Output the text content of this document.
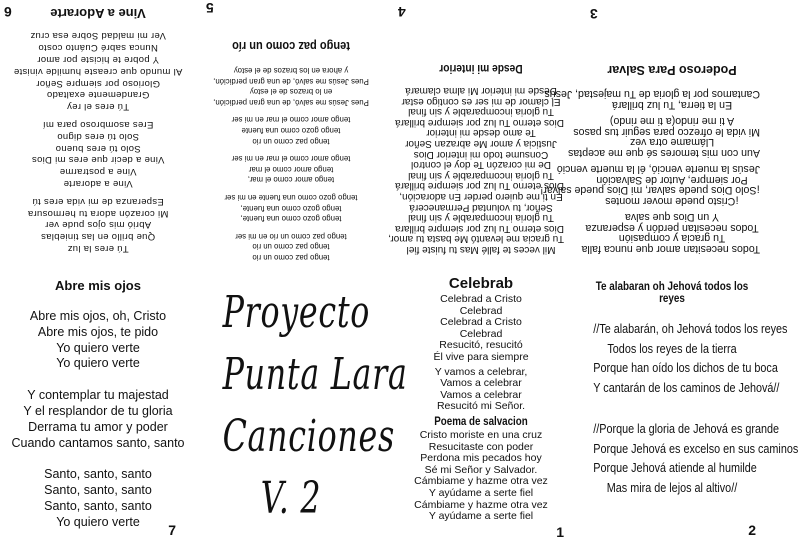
Tú eres la luz
Que brillo en las tinieblas
Abrió mis ojos pude ver
Mi corazón adora tu hermosura
Esperanza de mi vida eres tú
Vine a adorarte
Vine a postrarme
Vine a decir que eres mi Dios
Solo tú eres bueno
Solo tú eres digno
Eres asombroso para mí
Tú eres el rey
Grandemente exaltado
Glorioso por siempre Señor
Al mundo que creaste humilde viniste
Y pobre te hiciste por amor
Nunca sabré Cuánto costo
Ver mi maldad Sobre esa cruz
Vine a Adorarte
6
Abre mis ojos
Abre mis ojos, oh, Cristo
Abre mis ojos, te pido
Yo quiero verte
Yo quiero verte
Y contemplar tu majestad
Y el resplandor de tu gloria
Derrama tu amor y poder
Cuando cantamos santo, santo
Santo, santo, santo
Santo, santo, santo
Santo, santo, santo
Yo quiero verte
7
tengo paz como un rio
tengo paz como un rio
tengo paz como un rio en mi ser
tengo gozo como una fuente,
tengo gozo como una fuente,
tengo gozo como una fuente en mi ser
tengo amor como el mar,
tengo amor como el mar
tengo amor como el mar en mi ser
tengo paz como un rio
tengo gozo como una fuente
tengo amor como el mar en mi ser
Pues Jesús me salvó, de una gran perdición,
en lo brazos de el estoy
Pues Jesús me salvó, de una gran perdición,
y ahora en los brazos de el estoy
tengo paz como un río
5
Proyecto
Punta Lara
Canciones
V. 2
Mil veces te fallé Mas tu fuiste fiel
Tu gracia me levantó Me basta tu amor,
Dios eterno Tu luz por siempre brillara
Tu gloria incomparable y sin final
Señor, tu voluntad Permanecerá
En ti me quiero perder En adoración,
Dios eterno Tu luz por siempre brillará
Tu gloria incomparable y sin final
De mi corazón Te doy el control
Consume todo mi interior Dios
Justicia y amor Me abrazan Señor
Te amo desde mi interior
Dios eterno Tu luz por siempre brillará
Tu gloria incomparable y sin final
El clamor de mi ser es contigo estar
Desde mi interior Mi alma clamará
Desde mi interior
4
Celebrab
Celebrad a Cristo
Celebrad
Celebrad a Cristo
Celebrad
Resucitó, resucitó
Él vive para siempre
Y vamos a celebrar,
Vamos a celebrar
Vamos a celebrar
Resucitó mi Señor.
Poema de salvacion
Cristo moriste en una cruz
Resucitaste con poder
Perdona mis pecados hoy
Sé mi Señor y Salvador.
Cámbiame y hazme otra vez
Y ayúdame a serte fiel
Cámbiame y hazme otra vez
Y ayúdame a serte fiel
1
Todos necesitan amor que nunca falla
Tu gracia y compasión
Todos necesitan perdón y esperanza
Y un Dios que salva
¡Cristo puede mover montes
¡Solo Dios puede salvar, mi Dios puede salvar!
Por siempre, Autor de Salvación
Jesús la muerte venció, él la muerte venció
Aun con mis temores sé que me aceptas
Llámame otra vez
Mi vida le ofrezco para seguir tus pasos
A ti me rindo(a ti me rindo)
En la tierra, Tu luz brillará
Cantamos por la gloria de Tu majestad, Jesús
Poderoso Para Salvar
3
Te alabaran oh Jehová todos los reyes
//Te alabarán, oh Jehová todos los reyes
Todos los reyes de la tierra
Porque han oído los dichos de tu boca
Y cantarán de los caminos de Jehová//
//Porque la gloria de Jehová es grande
Porque Jehová es excelso en sus caminos
Porque Jehová atiende al humilde
Mas mira de lejos al altivo//
2
